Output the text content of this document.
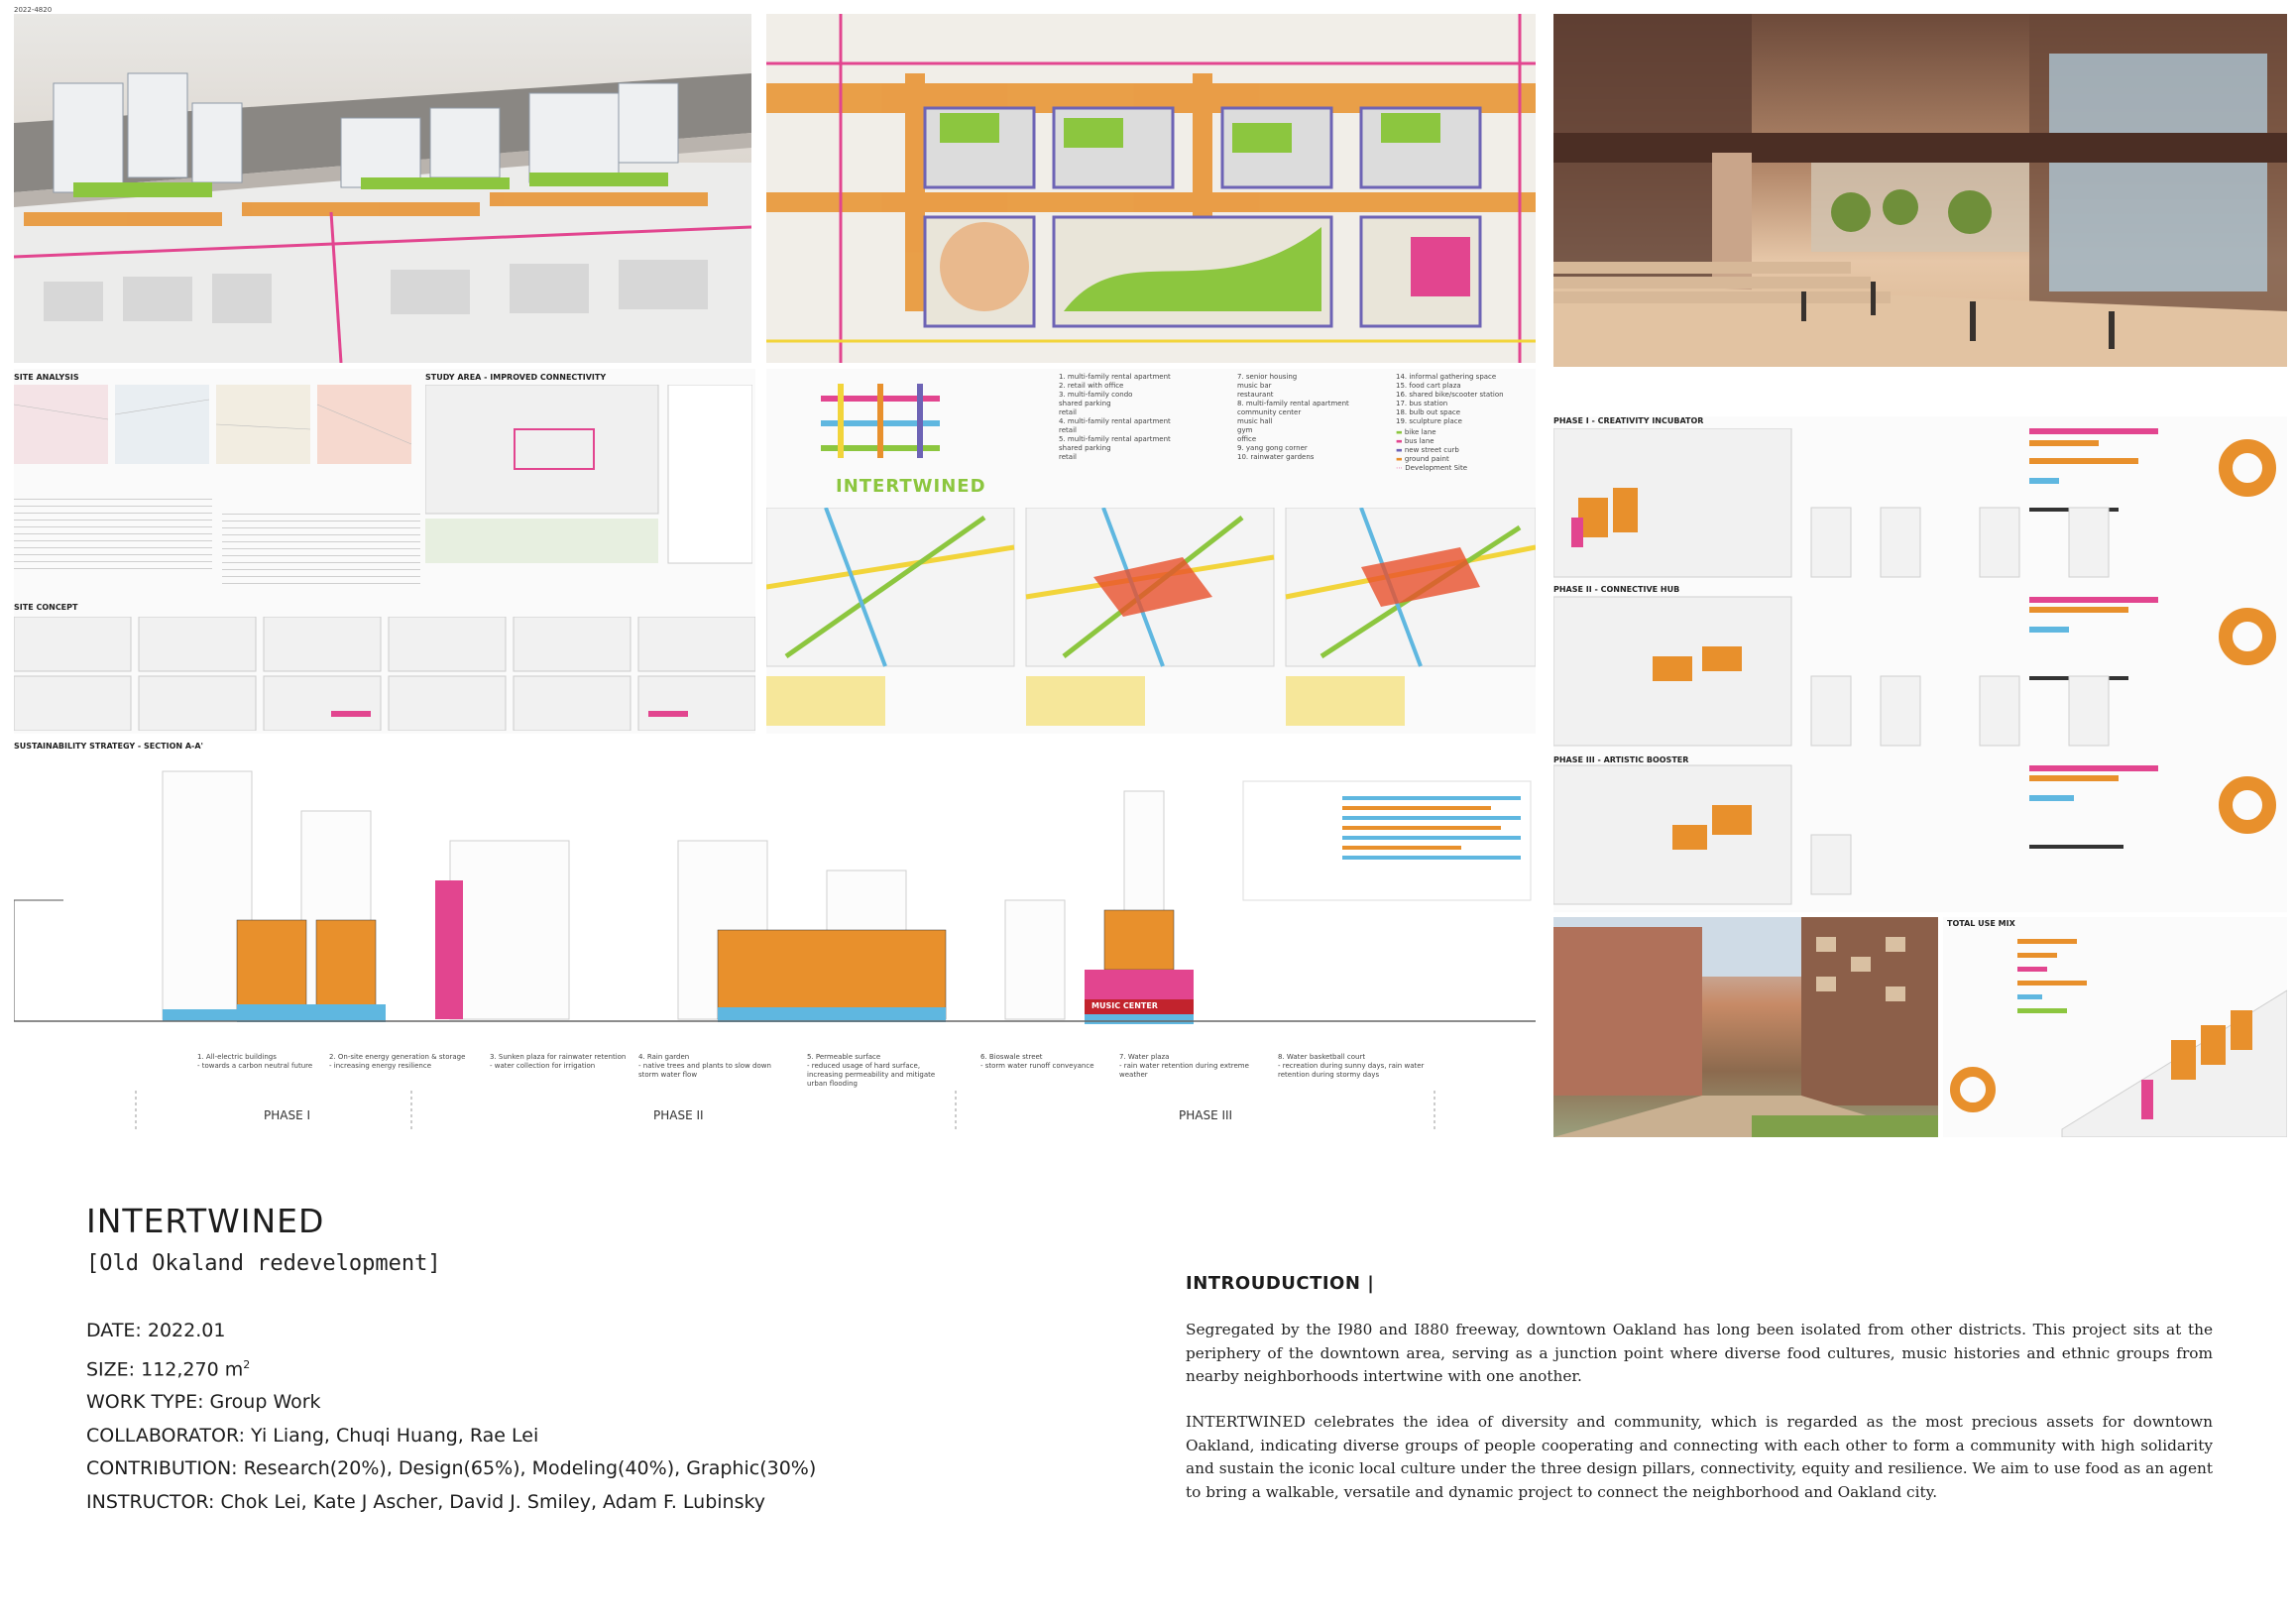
2022-4820
SITE ANALYSIS	STUDY AREA - IMPROVED CONNECTIVITY
SITE CONCEPT
INTERTWINED
1. multi-family rental apartment
2. retail with office
3. multi-family condo
shared parking
retail
4. multi-family rental apartment
retail
5. multi-family rental apartment
shared parking
retail
7. senior housing
music bar
restaurant
8. multi-family rental apartment
community center
music hall
gym
office
9. yang gong corner
10. rainwater gardens
14. informal gathering space
15. food cart plaza
16. shared bike/scooter station
17. bus station
18. bulb out space
19. sculpture place
▬ bike lane
▬ bus lane
▬ new street curb
▬ ground paint
⋯ Development Site
PHASE I - CREATIVITY INCUBATOR
PHASE II - CONNECTIVE HUB
PHASE III - ARTISTIC BOOSTER
SUSTAINABILITY STRATEGY - SECTION A-A'
MUSIC CENTER
1. All-electric buildings
- towards a carbon neutral future
2. On-site energy generation & storage
- increasing energy resilience
3. Sunken plaza for rainwater retention
- water collection for irrigation
4. Rain garden
- native trees and plants to slow down storm water flow
5. Permeable surface
- reduced usage of hard surface, increasing permeability and mitigate urban flooding
6. Bioswale street
- storm water runoff conveyance
7. Water plaza
- rain water retention during extreme weather
8. Water basketball court
- recreation during sunny days, rain water retention during stormy days
PHASE I	PHASE II	PHASE III
TOTAL USE MIX
INTERTWINED
[Old Okaland redevelopment]
DATE: 2022.01
SIZE: 112,270 $m^2$
WORK TYPE: Group Work
COLLABORATOR: Yi Liang, Chuqi Huang, Rae Lei
CONTRIBUTION: Research(20%), Design(65%), Modeling(40%), Graphic(30%)
INSTRUCTOR: Chok Lei, Kate J Ascher, David J. Smiley, Adam F. Lubinsky
INTROUDUCTION |
Segregated by the I980 and I880 freeway, downtown Oakland has long been isolated from other districts. This project sits at the periphery of the downtown area, serving as a junction point where diverse food cultures, music histories and ethnic groups from nearby neighborhoods intertwine with one another.
INTERTWINED celebrates the idea of diversity and community, which is regarded as the most precious assets for downtown Oakland, indicating diverse groups of people cooperating and connecting with each other to form a community with high solidarity and sustain the iconic local culture under the three design pillars, connectivity, equity and resilience. We aim to use food as an agent to bring a walkable, versatile and dynamic project to connect the neighborhood and Oakland city.
